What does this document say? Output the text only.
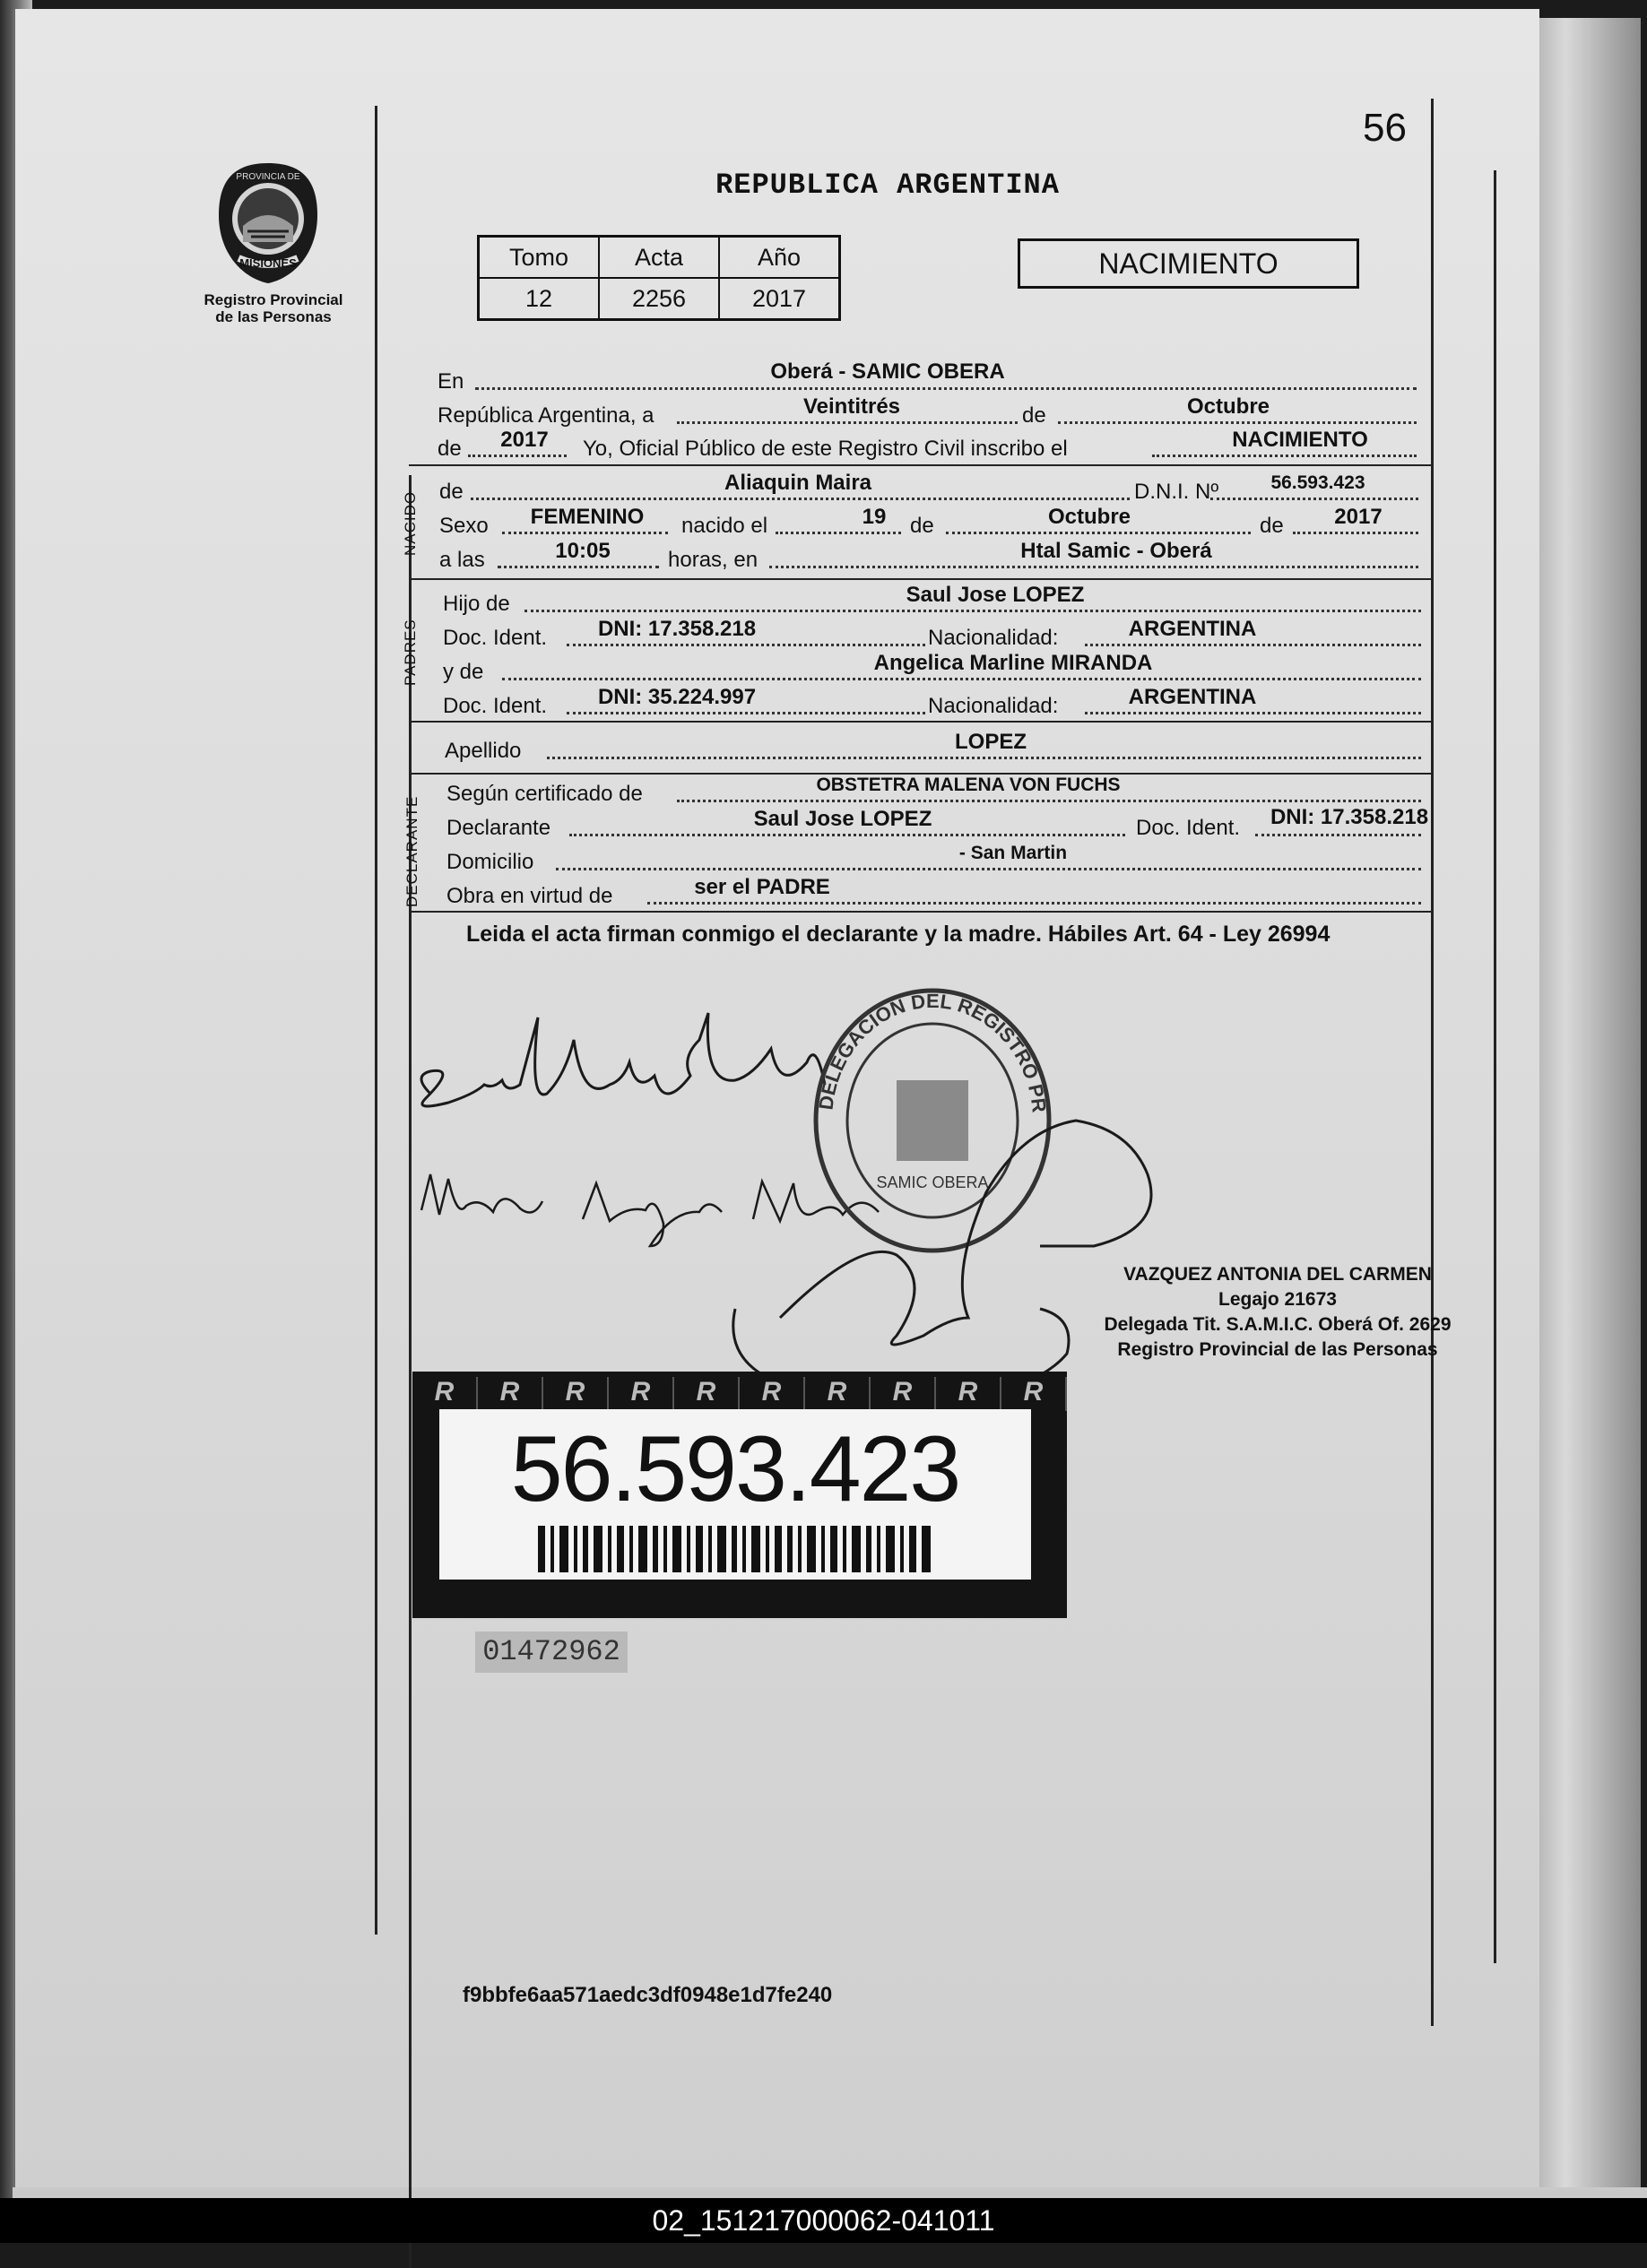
56
PROVINCIA DE
MISIONES
Registro Provincial
de las Personas
REPUBLICA ARGENTINA
Tomo	Acta	Año
12	2256	2017
NACIMIENTO
En	Oberá - SAMIC OBERA
República Argentina, a	Veintitrés	de	Octubre
de	2017	Yo, Oficial Público de este Registro Civil inscribo el	NACIMIENTO
NACIDO de	Aliaquin Maira	D.N.I. Nº	56.593.423
Sexo	FEMENINO	nacido el	19	de	Octubre	de	2017
a las	10:05	horas, en	Htal Samic - Oberá
PADRES
Hijo de	Saul Jose LOPEZ
Doc. Ident.	DNI: 17.358.218	Nacionalidad:	ARGENTINA
y de	Angelica Marline MIRANDA
Doc. Ident.	DNI: 35.224.997	Nacionalidad:	ARGENTINA
Apellido	LOPEZ
DECLARANTE
Según certificado de	OBSTETRA MALENA VON FUCHS
Declarante	Saul Jose LOPEZ	Doc. Ident.	DNI: 17.358.218
Domicilio	- San Martin
Obra en virtud de	ser el PADRE
Leida el acta firman conmigo el declarante y la madre. Hábiles Art. 64 - Ley 26994
DELEGACION DEL REGISTRO PR
SAMIC OBERA
VAZQUEZ ANTONIA DEL CARMEN
Legajo 21673
Delegada Tit. S.A.M.I.C. Oberá Of. 2629
Registro Provincial de las Personas
R	R	R	R	R	R	R	R	R	R
56.593.423
01472962
f9bbfe6aa571aedc3df0948e1d7fe240
02_151217000062-041011
